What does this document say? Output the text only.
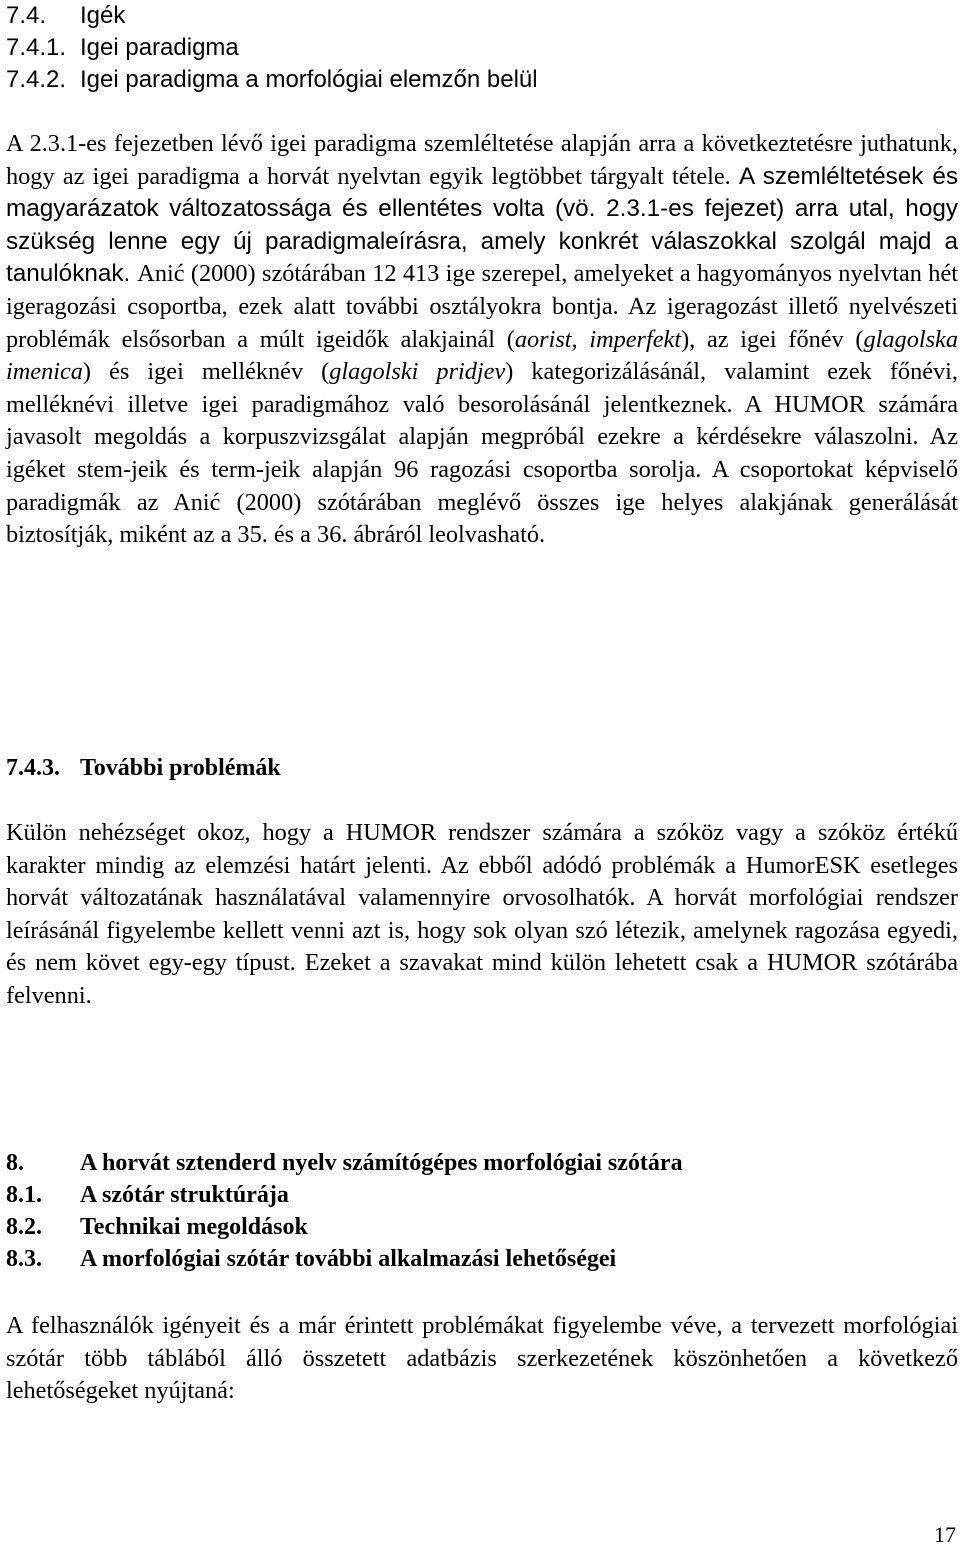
7.4. Igék
7.4.1. Igei paradigma
7.4.2. Igei paradigma a morfológiai elemzőn belül

A 2.3.1-es fejezetben lévő igei paradigma szemléltetése alapján arra a következtetésre juthatunk, hogy az igei paradigma a horvát nyelvtan egyik legtöbbet tárgyalt tétele. A szemléltetések és magyarázatok változatossága és ellentétes volta (vö. 2.3.1-es fejezet) arra utal, hogy szükség lenne egy új paradigmaleírásra, amely konkrét válaszokkal szolgál majd a tanulóknak. Anić (2000) szótárában 12 413 ige szerepel, amelyeket a hagyományos nyelvtan hét igeragozási csoportba, ezek alatt további osztályokra bontja. Az igeragozást illető nyelvészeti problémák elsősorban a múlt igeidők alakjainál (aorist, imperfekt), az igei főnév (glagolska imenica) és igei melléknév (glagolski pridjev) kategorizálásánál, valamint ezek főnévi, melléknévi illetve igei paradigmához való besorolásánál jelentkeznek. A HUMOR számára javasolt megoldás a korpuszvizsgálat alapján megpróbál ezekre a kérdésekre válaszolni. Az igéket stem-jeik és term-jeik alapján 96 ragozási csoportba sorolja. A csoportokat képviselő paradigmák az Anić (2000) szótárában meglévő összes ige helyes alakjának generálását biztosítják, miként az a 35. és a 36. ábráról leolvasható.

7.4.3. További problémák

Külön nehézséget okoz, hogy a HUMOR rendszer számára a szóköz vagy a szóköz értékű karakter mindig az elemzési határt jelenti. Az ebből adódó problémák a HumorESK esetleges horvát változatának használatával valamennyire orvosolhatók. A horvát morfológiai rendszer leírásánál figyelembe kellett venni azt is, hogy sok olyan szó létezik, amelynek ragozása egyedi, és nem követ egy-egy típust. Ezeket a szavakat mind külön lehetett csak a HUMOR szótárába felvenni.

8. A horvát sztenderd nyelv számítógépes morfológiai szótára
8.1. A szótár struktúrája
8.2. Technikai megoldások
8.3. A morfológiai szótár további alkalmazási lehetőségei

A felhasználók igényeit és a már érintett problémákat figyelembe véve, a tervezett morfológiai szótár több táblából álló összetett adatbázis szerkezetének köszönhetően a következő lehetőségeket nyújtaná:

17
